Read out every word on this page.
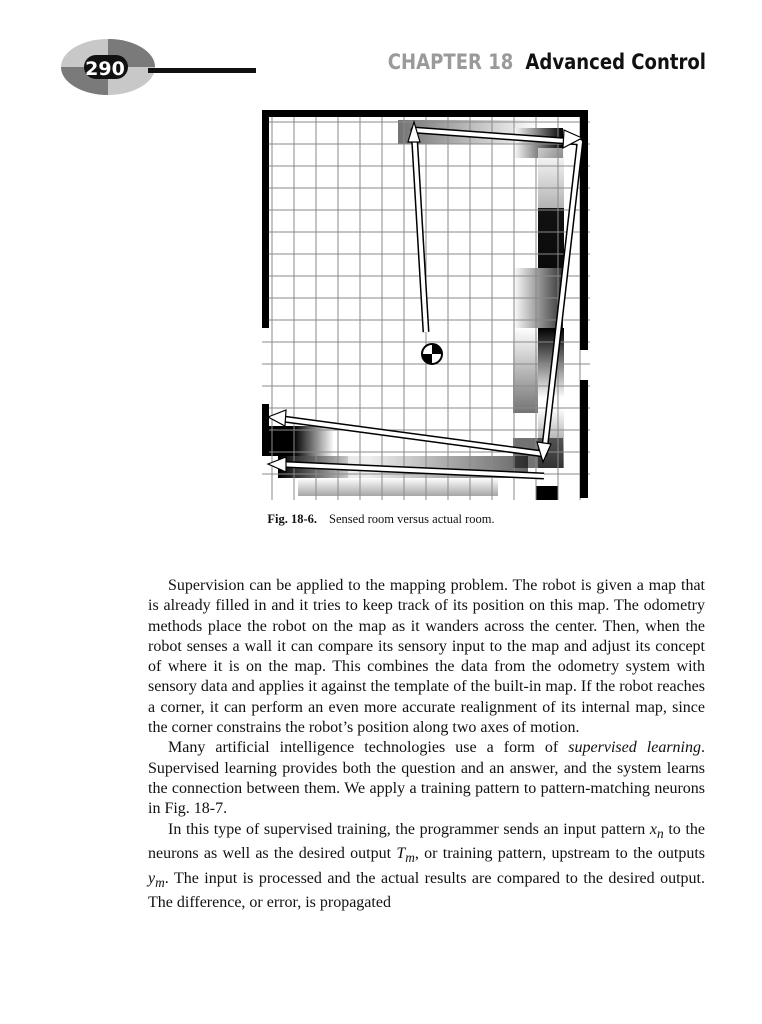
290	CHAPTER 18 Advanced Control
Fig. 18-6. Sensed room versus actual room.

Supervision can be applied to the mapping problem. The robot is given a map that is already filled in and it tries to keep track of its position on this map. The odometry methods place the robot on the map as it wanders across the center. Then, when the robot senses a wall it can compare its sensory input to the map and adjust its concept of where it is on the map. This combines the data from the odometry system with sensory data and applies it against the template of the built-in map. If the robot reaches a corner, it can perform an even more accurate realignment of its internal map, since the corner constrains the robot’s position along two axes of motion.

Many artificial intelligence technologies use a form of supervised learning. Supervised learning provides both the question and an answer, and the system learns the connection between them. We apply a training pattern to pattern-matching neurons in Fig. 18-7.

In this type of supervised training, the programmer sends an input pattern $x_n$ to the neurons as well as the desired output $T_m$, or training pattern, upstream to the outputs $y_m$. The input is processed and the actual results are compared to the desired output. The difference, or error, is propagated
